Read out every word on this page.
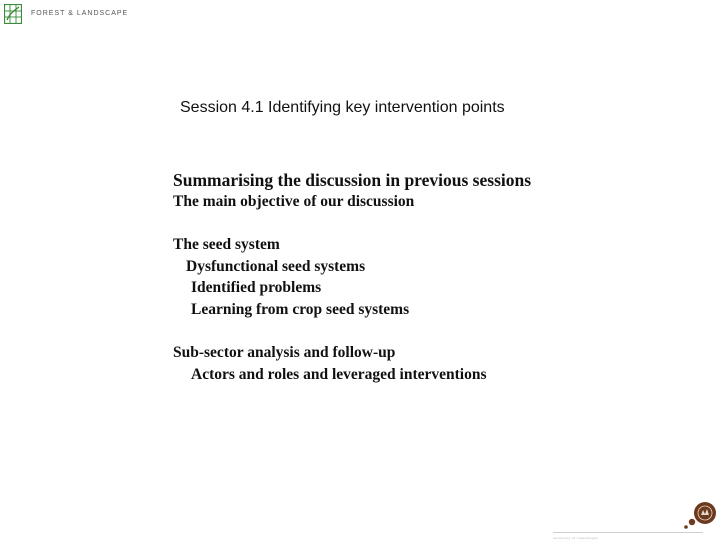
FOREST & LANDSCAPE
Session 4.1 Identifying key intervention points
Summarising the discussion in previous sessions
The main objective of our discussion
The seed system
Dysfunctional seed systems
Identified problems
Learning from crop seed systems
Sub-sector analysis and follow-up
Actors and roles and leveraged interventions
university of copenhagen
